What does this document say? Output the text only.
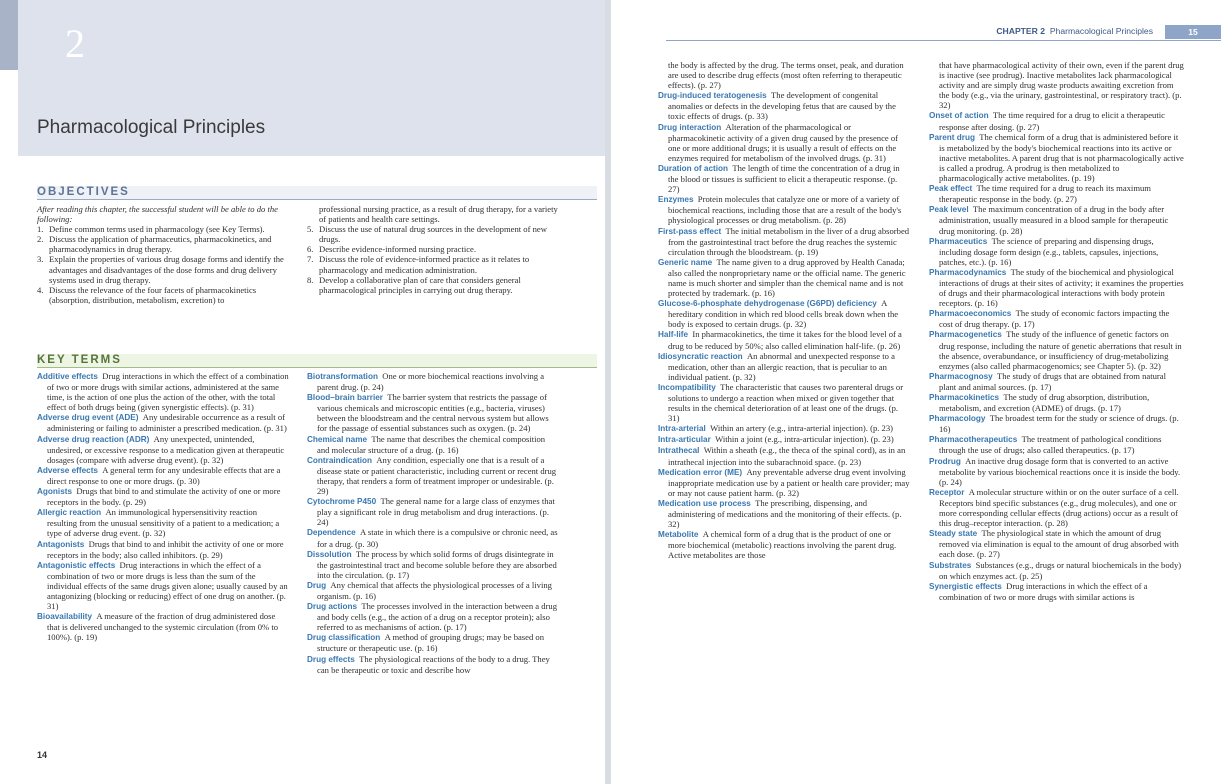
2
Pharmacological Principles
OBJECTIVES
After reading this chapter, the successful student will be able to do the following:
1. Define common terms used in pharmacology (see Key Terms).
2. Discuss the application of pharmaceutics, pharmacokinetics, and pharmacodynamics in drug therapy.
3. Explain the properties of various drug dosage forms and identify the advantages and disadvantages of the dose forms and drug delivery systems used in drug therapy.
4. Discuss the relevance of the four facets of pharmacokinetics (absorption, distribution, metabolism, excretion) to
professional nursing practice, as a result of drug therapy, for a variety of patients and health care settings.
5. Discuss the use of natural drug sources in the development of new drugs.
6. Describe evidence-informed nursing practice.
7. Discuss the role of evidence-informed practice as it relates to pharmacology and medication administration.
8. Develop a collaborative plan of care that considers general pharmacological principles in carrying out drug therapy.
KEY TERMS
Additive effects  Drug interactions in which the effect of a combination of two or more drugs with similar actions, administered at the same time, is the action of one plus the action of the other, with the total effect of both drugs being (given synergistic effects). (p. 31)
Adverse drug event (ADE)  Any undesirable occurrence as a result of administering or failing to administer a prescribed medication. (p. 31)
Adverse drug reaction (ADR)  Any unexpected, unintended, undesired, or excessive response to a medication given at therapeutic dosages (compare with adverse drug event). (p. 32)
Adverse effects  A general term for any undesirable effects that are a direct response to one or more drugs. (p. 30)
Agonists  Drugs that bind to and stimulate the activity of one or more receptors in the body. (p. 29)
Allergic reaction  An immunological hypersensitivity reaction resulting from the unusual sensitivity of a patient to a medication; a type of adverse drug event. (p. 32)
Antagonists  Drugs that bind to and inhibit the activity of one or more receptors in the body; also called inhibitors. (p. 29)
Antagonistic effects  Drug interactions in which the effect of a combination of two or more drugs is less than the sum of the individual effects of the same drugs given alone; usually caused by an antagonizing (blocking or reducing) effect of one drug on another. (p. 31)
Bioavailability  A measure of the fraction of drug administered dose that is delivered unchanged to the systemic circulation (from 0% to 100%). (p. 19)
Biotransformation  One or more biochemical reactions involving a parent drug. (p. 24)
Blood–brain barrier  The barrier system that restricts the passage of various chemicals and microscopic entities (e.g., bacteria, viruses) between the bloodstream and the central nervous system but allows for the passage of essential substances such as oxygen. (p. 24)
Chemical name  The name that describes the chemical composition and molecular structure of a drug. (p. 16)
Contraindication  Any condition, especially one that is a result of a disease state or patient characteristic, including current or recent drug therapy, that renders a form of treatment improper or undesirable. (p. 29)
Cytochrome P450  The general name for a large class of enzymes that play a significant role in drug metabolism and drug interactions. (p. 24)
Dependence  A state in which there is a compulsive or chronic need, as for a drug. (p. 30)
Dissolution  The process by which solid forms of drugs disintegrate in the gastrointestinal tract and become soluble before they are absorbed into the circulation. (p. 17)
Drug  Any chemical that affects the physiological processes of a living organism. (p. 16)
Drug actions  The processes involved in the interaction between a drug and body cells (e.g., the action of a drug on a receptor protein); also referred to as mechanisms of action. (p. 17)
Drug classification  A method of grouping drugs; may be based on structure or therapeutic use. (p. 16)
Drug effects  The physiological reactions of the body to a drug. They can be therapeutic or toxic and describe how
14
CHAPTER 2 Pharmacological Principles	15
the body is affected by the drug. The terms onset, peak, and duration are used to describe drug effects (most often referring to therapeutic effects). (p. 27)
Drug-induced teratogenesis  The development of congenital anomalies or defects in the developing fetus that are caused by the toxic effects of drugs. (p. 33)
Drug interaction  Alteration of the pharmacological or pharmacokinetic activity of a given drug caused by the presence of one or more additional drugs; it is usually a result of effects on the enzymes required for metabolism of the involved drugs. (p. 31)
Duration of action  The length of time the concentration of a drug in the blood or tissues is sufficient to elicit a therapeutic response. (p. 27)
Enzymes  Protein molecules that catalyze one or more of a variety of biochemical reactions, including those that are a result of the body's physiological processes or drug metabolism. (p. 28)
First-pass effect  The initial metabolism in the liver of a drug absorbed from the gastrointestinal tract before the drug reaches the systemic circulation through the bloodstream. (p. 19)
Generic name  The name given to a drug approved by Health Canada; also called the nonproprietary name or the official name. The generic name is much shorter and simpler than the chemical name and is not protected by trademark. (p. 16)
Glucose-6-phosphate dehydrogenase (G6PD) deficiency  A hereditary condition in which red blood cells break down when the body is exposed to certain drugs. (p. 32)
Half-life  In pharmacokinetics, the time it takes for the blood level of a drug to be reduced by 50%; also called elimination half-life. (p. 26)
Idiosyncratic reaction  An abnormal and unexpected response to a medication, other than an allergic reaction, that is peculiar to an individual patient. (p. 32)
Incompatibility  The characteristic that causes two parenteral drugs or solutions to undergo a reaction when mixed or given together that results in the chemical deterioration of at least one of the drugs. (p. 31)
Intra-arterial  Within an artery (e.g., intra-arterial injection). (p. 23)
Intra-articular  Within a joint (e.g., intra-articular injection). (p. 23)
Intrathecal  Within a sheath (e.g., the theca of the spinal cord), as in an intrathecal injection into the subarachnoid space. (p. 23)
Medication error (ME)  Any preventable adverse drug event involving inappropriate medication use by a patient or health care provider; may or may not cause patient harm. (p. 32)
Medication use process  The prescribing, dispensing, and administering of medications and the monitoring of their effects. (p. 32)
Metabolite  A chemical form of a drug that is the product of one or more biochemical (metabolic) reactions involving the parent drug. Active metabolites are those
that have pharmacological activity of their own, even if the parent drug is inactive (see prodrug). Inactive metabolites lack pharmacological activity and are simply drug waste products awaiting excretion from the body (e.g., via the urinary, gastrointestinal, or respiratory tract). (p. 32)
Onset of action  The time required for a drug to elicit a therapeutic response after dosing. (p. 27)
Parent drug  The chemical form of a drug that is administered before it is metabolized by the body's biochemical reactions into its active or inactive metabolites. A parent drug that is not pharmacologically active is called a prodrug. A prodrug is then metabolized to pharmacologically active metabolites. (p. 19)
Peak effect  The time required for a drug to reach its maximum therapeutic response in the body. (p. 27)
Peak level  The maximum concentration of a drug in the body after administration, usually measured in a blood sample for therapeutic drug monitoring. (p. 28)
Pharmaceutics  The science of preparing and dispensing drugs, including dosage form design (e.g., tablets, capsules, injections, patches, etc.). (p. 16)
Pharmacodynamics  The study of the biochemical and physiological interactions of drugs at their sites of activity; it examines the properties of drugs and their pharmacological interactions with body protein receptors. (p. 16)
Pharmacoeconomics  The study of economic factors impacting the cost of drug therapy. (p. 17)
Pharmacogenetics  The study of the influence of genetic factors on drug response, including the nature of genetic aberrations that result in the absence, overabundance, or insufficiency of drug-metabolizing enzymes (also called pharmacogenomics; see Chapter 5). (p. 32)
Pharmacognosy  The study of drugs that are obtained from natural plant and animal sources. (p. 17)
Pharmacokinetics  The study of drug absorption, distribution, metabolism, and excretion (ADME) of drugs. (p. 17)
Pharmacology  The broadest term for the study or science of drugs. (p. 16)
Pharmacotherapeutics  The treatment of pathological conditions through the use of drugs; also called therapeutics. (p. 17)
Prodrug  An inactive drug dosage form that is converted to an active metabolite by various biochemical reactions once it is inside the body. (p. 24)
Receptor  A molecular structure within or on the outer surface of a cell. Receptors bind specific substances (e.g., drug molecules), and one or more corresponding cellular effects (drug actions) occur as a result of this drug–receptor interaction. (p. 28)
Steady state  The physiological state in which the amount of drug removed via elimination is equal to the amount of drug absorbed with each dose. (p. 27)
Substrates  Substances (e.g., drugs or natural biochemicals in the body) on which enzymes act. (p. 25)
Synergistic effects  Drug interactions in which the effect of a combination of two or more drugs with similar actions is
